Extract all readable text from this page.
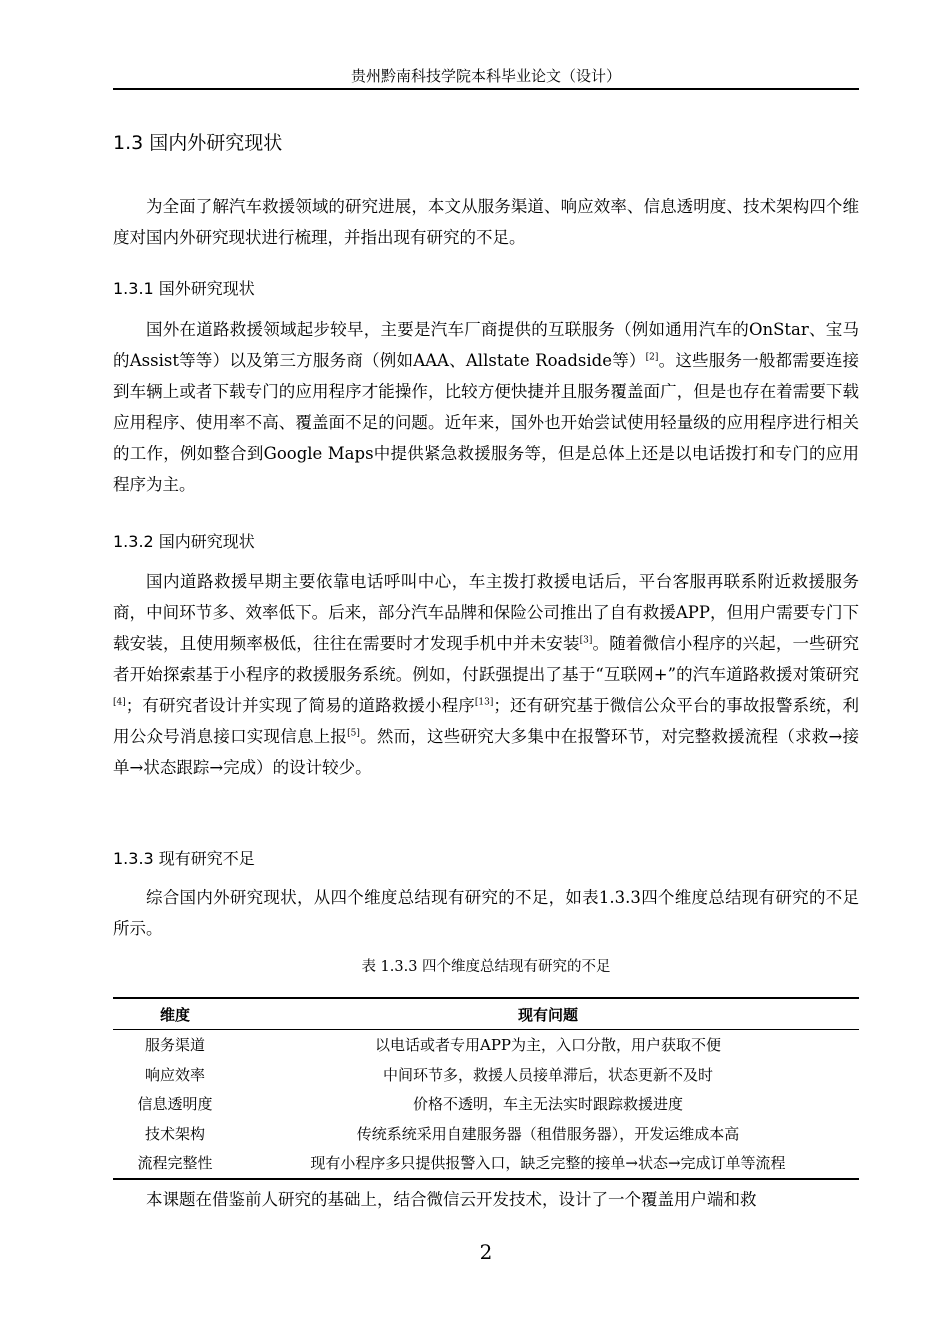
贵州黔南科技学院本科毕业论文（设计）
1.3 国内外研究现状

为全面了解汽车救援领域的研究进展，本文从服务渠道、响应效率、信息透明度、技术架构四个维度对国内外研究现状进行梳理，并指出现有研究的不足。

1.3.1 国外研究现状

国外在道路救援领域起步较早，主要是汽车厂商提供的互联服务（例如通用汽车的OnStar、宝马的Assist等等）以及第三方服务商（例如AAA、Allstate Roadside等）[2]。这些服务一般都需要连接到车辆上或者下载专门的应用程序才能操作，比较方便快捷并且服务覆盖面广，但是也存在着需要下载应用程序、使用率不高、覆盖面不足的问题。近年来，国外也开始尝试使用轻量级的应用程序进行相关的工作，例如整合到Google Maps中提供紧急救援服务等，但是总体上还是以电话拨打和专门的应用程序为主。

1.3.2 国内研究现状

国内道路救援早期主要依靠电话呼叫中心，车主拨打救援电话后，平台客服再联系附近救援服务商，中间环节多、效率低下。后来，部分汽车品牌和保险公司推出了自有救援APP，但用户需要专门下载安装，且使用频率极低，往往在需要时才发现手机中并未安装[3]。随着微信小程序的兴起，一些研究者开始探索基于小程序的救援服务系统。例如，付跃强提出了基于“互联网+”的汽车道路救援对策研究[4]；有研究者设计并实现了简易的道路救援小程序[13]；还有研究基于微信公众平台的事故报警系统，利用公众号消息接口实现信息上报[5]。然而，这些研究大多集中在报警环节，对完整救援流程（求救→接单→状态跟踪→完成）的设计较少。

1.3.3 现有研究不足

综合国内外研究现状，从四个维度总结现有研究的不足，如表1.3.3四个维度总结现有研究的不足所示。

表 1.3.3 四个维度总结现有研究的不足
维度	现有问题
服务渠道	以电话或者专用APP为主，入口分散，用户获取不便
响应效率	中间环节多，救援人员接单滞后，状态更新不及时
信息透明度	价格不透明，车主无法实时跟踪救援进度
技术架构	传统系统采用自建服务器（租借服务器），开发运维成本高
流程完整性	现有小程序多只提供报警入口，缺乏完整的接单→状态→完成订单等流程

本课题在借鉴前人研究的基础上，结合微信云开发技术，设计了一个覆盖用户端和救

2
